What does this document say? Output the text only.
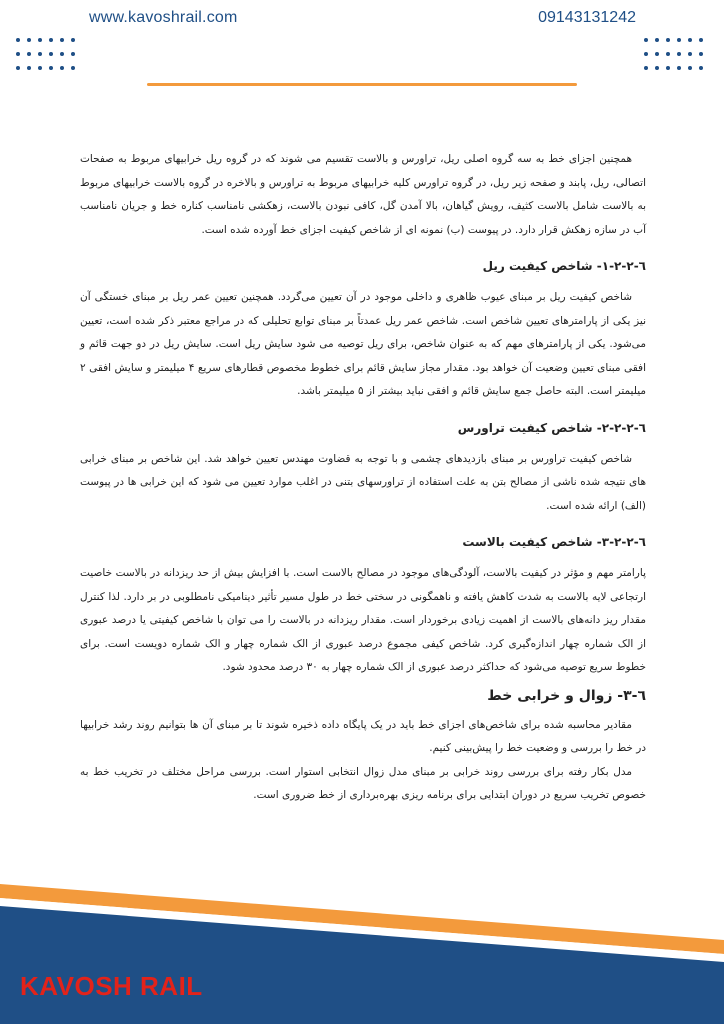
www.kavoshrail.com	09143131242

همچنین اجزای خط به سه گروه اصلی ریل، تراورس و بالاست تقسیم می شوند که در گروه ریل خرابیهای مربوط به صفحات اتصالی، ریل، پابند و صفحه زیر ریل، در گروه تراورس کلیه خرابیهای مربوط به تراورس و بالاخره در گروه بالاست خرابیهای مربوط به بالاست شامل بالاست کثیف، رویش گیاهان، بالا آمدن گل، کافی نبودن بالاست، زهکشی نامناسب کناره خط و جریان نامناسب آب در سازه زهکش قرار دارد. در پیوست (ب) نمونه ای از شاخص کیفیت اجزای خط آورده شده است.

٦-٢-٢-١- شاخص کیفیت ریل

شاخص کیفیت ریل بر مبنای عیوب ظاهری و داخلی موجود در آن تعیین می‌گردد. همچنین تعیین عمر ریل بر مبنای خستگی آن نیز یکی از پارامترهای تعیین شاخص است. شاخص عمر ریل عمدتاً بر مبنای توابع تحلیلی که در مراجع معتبر ذکر شده است، تعیین می‌شود. یکی از پارامترهای مهم که به عنوان شاخص، برای ریل توصیه می شود سایش ریل است. سایش ریل در دو جهت قائم و افقی مبنای تعیین وضعیت آن خواهد بود. مقدار مجاز سایش قائم برای خطوط مخصوص قطارهای سریع ۴ میلیمتر و سایش افقی ۲ میلیمتر است. البته حاصل جمع سایش قائم و افقی نباید بیشتر از ۵ میلیمتر باشد.

٦-٢-٢-٢- شاخص کیفیت تراورس

شاخص کیفیت تراورس بر مبنای بازدیدهای چشمی و با توجه به قضاوت مهندس تعیین خواهد شد. این شاخص بر مبنای خرابی های نتیجه شده ناشی از مصالح بتن به علت استفاده از تراورسهای بتنی در اغلب موارد تعیین می شود که این خرابی ها در پیوست (الف) ارائه شده است.

٦-٢-٢-٣- شاخص کیفیت بالاست

پارامتر مهم و مؤثر در کیفیت بالاست، آلودگی‌های موجود در مصالح بالاست است. با افزایش بیش از حد ریزدانه در بالاست خاصیت ارتجاعی لایه بالاست به شدت کاهش یافته و ناهمگونی در سختی خط در طول مسیر تأثیر دینامیکی نامطلوبی در بر دارد. لذا کنترل مقدار ریز دانه‌های بالاست از اهمیت زیادی برخوردار است. مقدار ریزدانه در بالاست را می توان با شاخص کیفیتی یا درصد عبوری از الک شماره چهار اندازه‌گیری کرد. شاخص کیفی مجموع درصد عبوری از الک شماره چهار و الک شماره دویست است. برای خطوط سریع توصیه می‌شود که حداکثر درصد عبوری از الک شماره چهار به ۳۰ درصد محدود شود.

٦-٣- زوال و خرابی خط

مقادیر محاسبه شده برای شاخص‌های اجزای خط باید در یک پایگاه داده ذخیره شوند تا بر مبنای آن ها بتوانیم روند رشد خرابیها در خط را بررسی و وضعیت خط را پیش‌بینی کنیم.

مدل بکار رفته برای بررسی روند خرابی بر مبنای مدل زوال انتخابی استوار است. بررسی مراحل مختلف در تخریب خط به خصوص تخریب سریع در دوران ابتدایی برای برنامه ریزی بهره‌برداری از خط ضروری است.

KAVOSH RAIL
